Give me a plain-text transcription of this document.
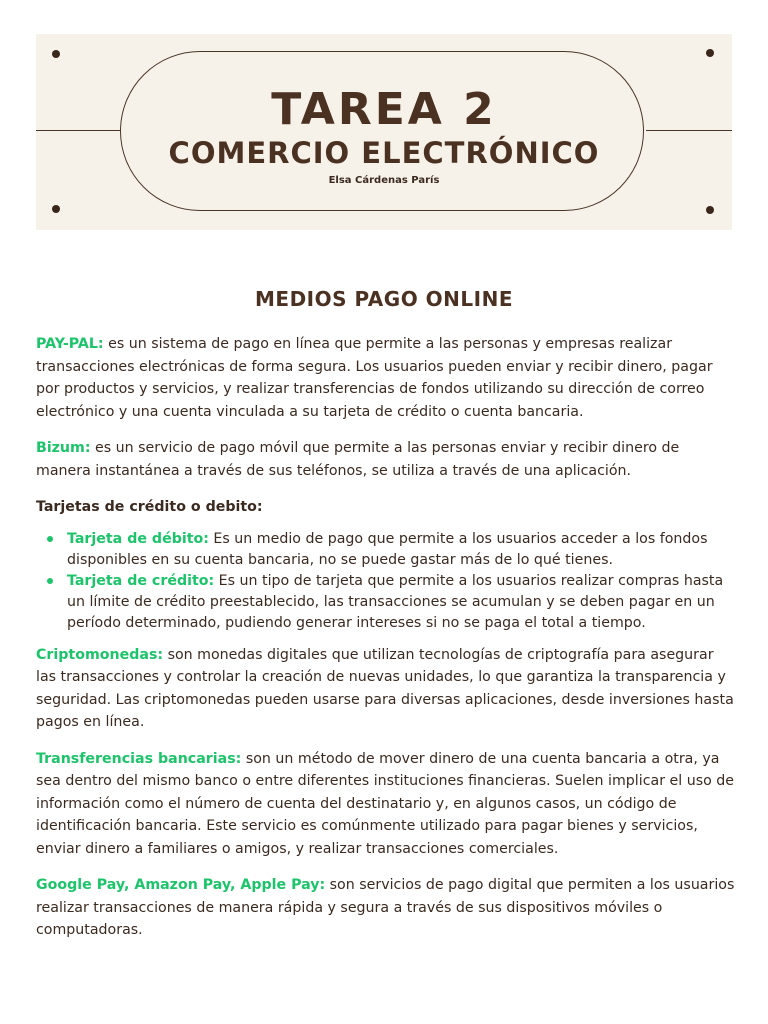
TAREA 2
COMERCIO ELECTRÓNICO
Elsa Cárdenas París
MEDIOS PAGO ONLINE

PAY-PAL: es un sistema de pago en línea que permite a las personas y empresas realizar transacciones electrónicas de forma segura. Los usuarios pueden enviar y recibir dinero, pagar por productos y servicios, y realizar transferencias de fondos utilizando su dirección de correo electrónico y una cuenta vinculada a su tarjeta de crédito o cuenta bancaria.

Bizum: es un servicio de pago móvil que permite a las personas enviar y recibir dinero de manera instantánea a través de sus teléfonos, se utiliza a través de una aplicación.

Tarjetas de crédito o debito:

Tarjeta de débito: Es un medio de pago que permite a los usuarios acceder a los fondos disponibles en su cuenta bancaria, no se puede gastar más de lo qué tienes.
Tarjeta de crédito: Es un tipo de tarjeta que permite a los usuarios realizar compras hasta un límite de crédito preestablecido, las transacciones se acumulan y se deben pagar en un período determinado, pudiendo generar intereses si no se paga el total a tiempo.

Criptomonedas: son monedas digitales que utilizan tecnologías de criptografía para asegurar las transacciones y controlar la creación de nuevas unidades, lo que garantiza la transparencia y seguridad. Las criptomonedas pueden usarse para diversas aplicaciones, desde inversiones hasta pagos en línea.

Transferencias bancarias: son un método de mover dinero de una cuenta bancaria a otra, ya sea dentro del mismo banco o entre diferentes instituciones financieras. Suelen implicar el uso de información como el número de cuenta del destinatario y, en algunos casos, un código de identificación bancaria. Este servicio es comúnmente utilizado para pagar bienes y servicios, enviar dinero a familiares o amigos, y realizar transacciones comerciales.

Google Pay, Amazon Pay, Apple Pay: son servicios de pago digital que permiten a los usuarios realizar transacciones de manera rápida y segura a través de sus dispositivos móviles o computadoras.
